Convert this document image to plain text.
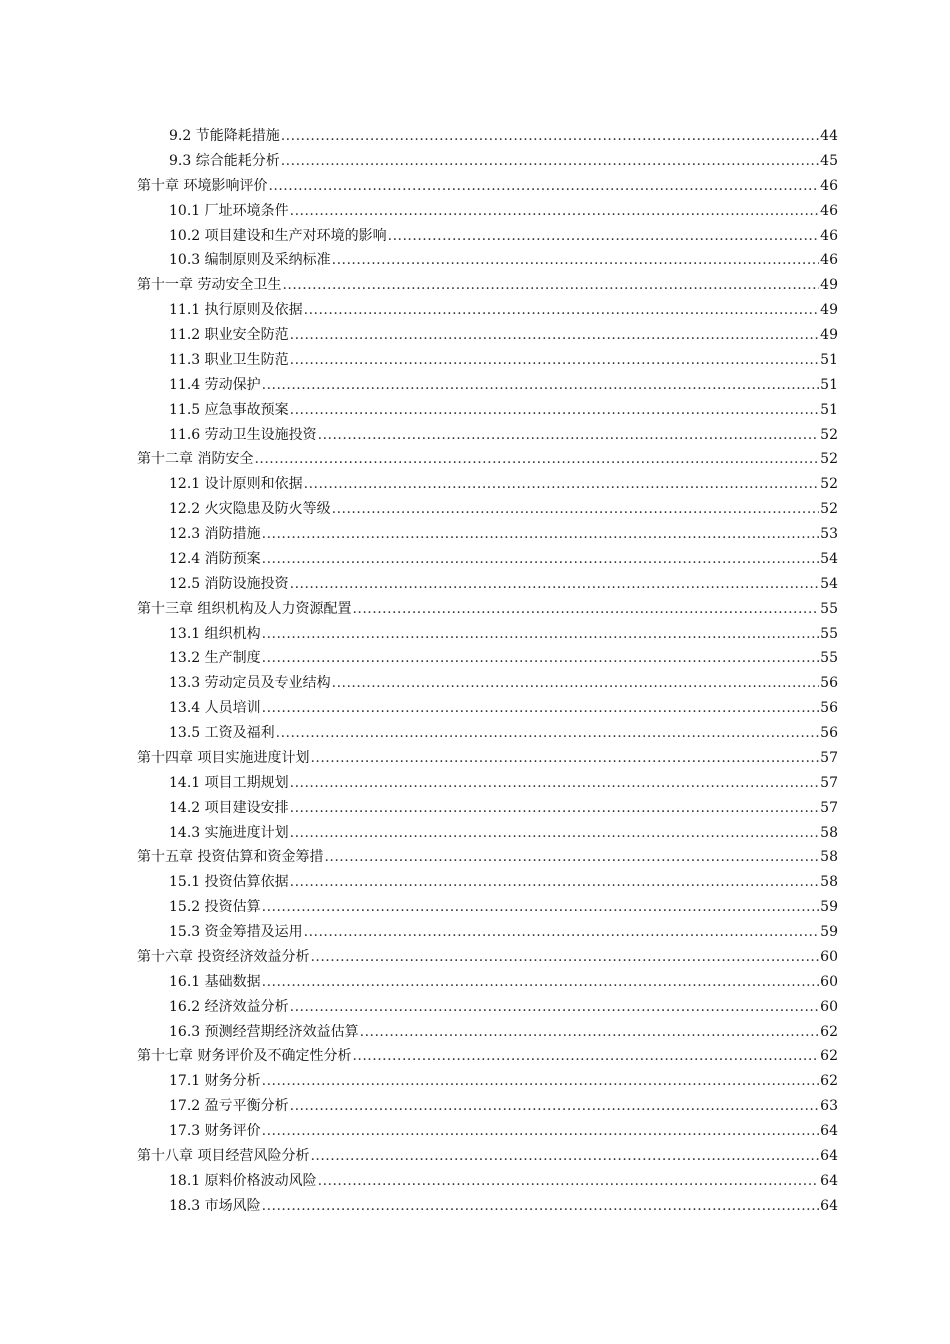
9.2 节能降耗措施 .....	44
9.3 综合能耗分析 .....	45
第十章 环境影响评价 .....	46
10.1 厂址环境条件 .....	46
10.2 项目建设和生产对环境的影响 .....	46
10.3 编制原则及采纳标准 .....	46
第十一章 劳动安全卫生 .....	49
11.1 执行原则及依据 .....	49
11.2 职业安全防范 .....	49
11.3 职业卫生防范 .....	51
11.4 劳动保护 .....	51
11.5 应急事故预案 .....	51
11.6 劳动卫生设施投资 .....	52
第十二章 消防安全 .....	52
12.1 设计原则和依据 .....	52
12.2 火灾隐患及防火等级 .....	52
12.3 消防措施 .....	53
12.4 消防预案 .....	54
12.5 消防设施投资 .....	54
第十三章 组织机构及人力资源配置 .....	55
13.1 组织机构 .....	55
13.2 生产制度 .....	55
13.3 劳动定员及专业结构 .....	56
13.4 人员培训 .....	56
13.5 工资及福利 .....	56
第十四章 项目实施进度计划 .....	57
14.1 项目工期规划 .....	57
14.2 项目建设安排 .....	57
14.3 实施进度计划 .....	58
第十五章 投资估算和资金筹措 .....	58
15.1 投资估算依据 .....	58
15.2 投资估算 .....	59
15.3 资金筹措及运用 .....	59
第十六章 投资经济效益分析 .....	60
16.1 基础数据 .....	60
16.2 经济效益分析 .....	60
16.3 预测经营期经济效益估算 .....	62
第十七章 财务评价及不确定性分析 .....	62
17.1 财务分析 .....	62
17.2 盈亏平衡分析 .....	63
17.3 财务评价 .....	64
第十八章 项目经营风险分析 .....	64
18.1 原料价格波动风险 .....	64
18.3 市场风险 .....	64
